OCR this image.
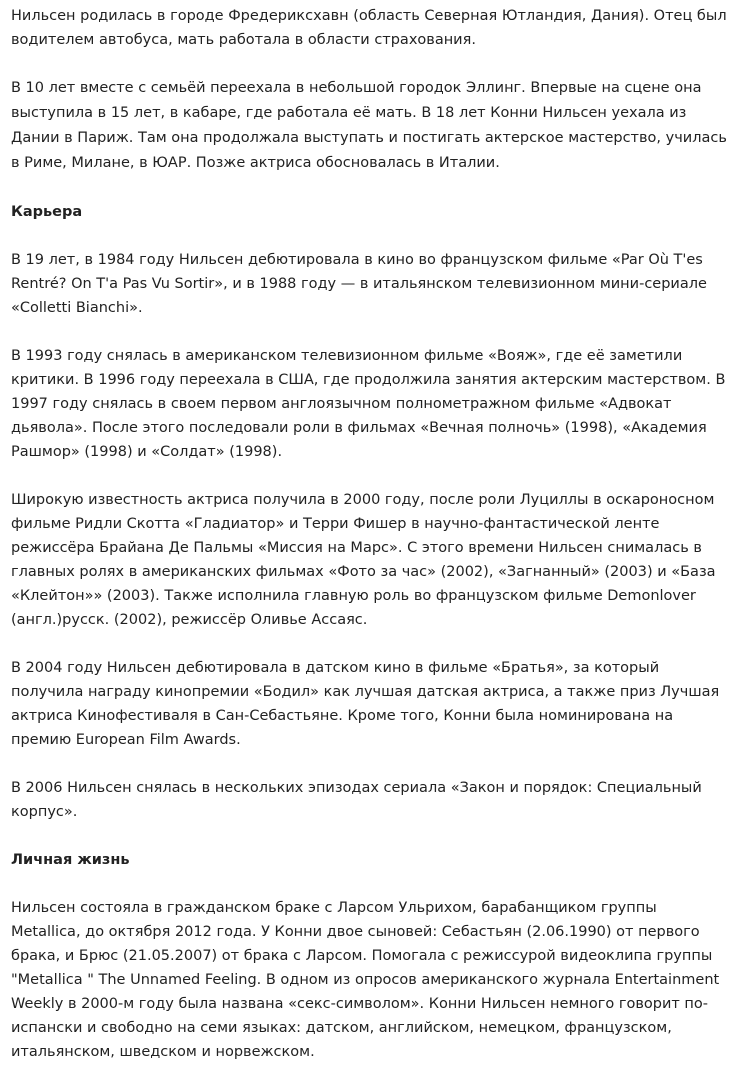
Нильсен родилась в городе Фредериксхавн (область Северная Ютландия, Дания). Отец был водителем автобуса, мать работала в области страхования.

В 10 лет вместе с семьёй переехала в небольшой городок Эллинг. Впервые на сцене она выступила в 15 лет, в кабаре, где работала её мать. В 18 лет Конни Нильсен уехала из Дании в Париж. Там она продолжала выступать и постигать актерское мастерство, училась в Риме, Милане, в ЮАР. Позже актриса обосновалась в Италии.

Карьера

В 19 лет, в 1984 году Нильсен дебютировала в кино во французском фильме «Par Où T'es Rentré? On T'a Pas Vu Sortir», и в 1988 году — в итальянском телевизионном мини-сериале «Colletti Bianchi».

В 1993 году снялась в американском телевизионном фильме «Вояж», где её заметили критики. В 1996 году переехала в США, где продолжила занятия актерским мастерством. В 1997 году снялась в своем первом англоязычном полнометражном фильме «Адвокат дьявола». После этого последовали роли в фильмах «Вечная полночь» (1998), «Академия Рашмор» (1998) и «Солдат» (1998).

Широкую известность актриса получила в 2000 году, после роли Луциллы в оскароносном фильме Ридли Скотта «Гладиатор» и Терри Фишер в научно-фантастической ленте режиссёра Брайана Де Пальмы «Миссия на Марс». С этого времени Нильсен снималась в главных ролях в американских фильмах «Фото за час» (2002), «Загнанный» (2003) и «База «Клейтон»» (2003). Также исполнила главную роль во французском фильме Demonlover (англ.)русск. (2002), режиссёр Оливье Ассаяс.

В 2004 году Нильсен дебютировала в датском кино в фильме «Братья», за который получила награду кинопремии «Бодил» как лучшая датская актриса, а также приз Лучшая актриса Кинофестиваля в Сан-Себастьяне. Кроме того, Конни была номинирована на премию European Film Awards.

В 2006 Нильсен снялась в нескольких эпизодах сериала «Закон и порядок: Специальный корпус».

Личная жизнь

Нильсен состояла в гражданском браке с Ларсом Ульрихом, барабанщиком группы Metallica, до октября 2012 года. У Конни двое сыновей: Себастьян (2.06.1990) от первого брака, и Брюс (21.05.2007) от брака с Ларсом. Помогала с режиссурой видеоклипа группы "Metallica " The Unnamed Feeling. В одном из опросов американского журнала Entertainment Weekly в 2000-м году была названа «секс-символом». Конни Нильсен немного говорит по-испански и свободно на семи языках: датском, английском, немецком, французском, итальянском, шведском и норвежском.
